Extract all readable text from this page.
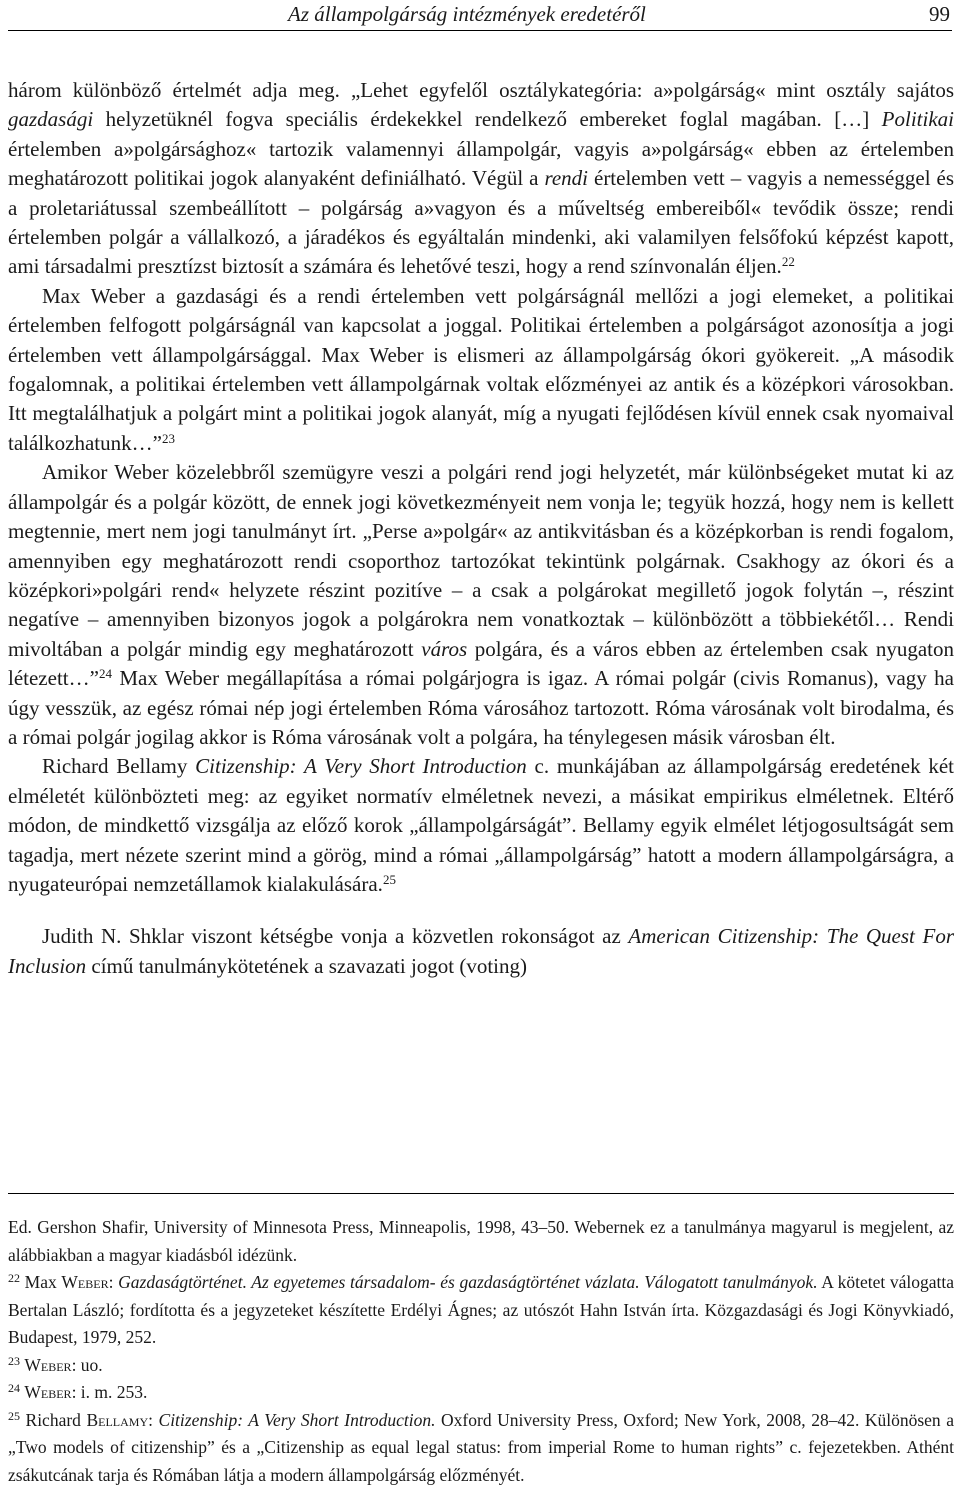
Az állampolgárság intézmények eredetéről	99

három különböző értelmét adja meg. „Lehet egyfelől osztálykategória: a»polgárság« mint osztály sajátos gazdasági helyzetüknél fogva speciális érdekekkel rendelkező embereket foglal magában. […] Politikai értelemben a»polgársághoz« tartozik valamennyi állampolgár, vagyis a»polgárság« ebben az értelemben meghatározott politikai jogok alanyaként definiálható. Végül a rendi értelemben vett – vagyis a nemességgel és a proletariátussal szembeállított – polgárság a»vagyon és a műveltség embereiből« tevődik össze; rendi értelemben polgár a vállalkozó, a járadékos és egyáltalán mindenki, aki valamilyen felsőfokú képzést kapott, ami társadalmi presztízst biztosít a számára és lehetővé teszi, hogy a rend színvonalán éljen.$^{22}$

Max Weber a gazdasági és a rendi értelemben vett polgárságnál mellőzi a jogi elemeket, a politikai értelemben felfogott polgárságnál van kapcsolat a joggal. Politikai értelemben a polgárságot azonosítja a jogi értelemben vett állampolgársággal. Max Weber is elismeri az állampolgárság ókori gyökereit. „A második fogalomnak, a politikai értelemben vett állampolgárnak voltak előzményei az antik és a középkori városokban. Itt megtalálhatjuk a polgárt mint a politikai jogok alanyát, míg a nyugati fejlődésen kívül ennek csak nyomaival találkozhatunk…”$^{23}$

Amikor Weber közelebbről szemügyre veszi a polgári rend jogi helyzetét, már különbségeket mutat ki az állampolgár és a polgár között, de ennek jogi következményeit nem vonja le; tegyük hozzá, hogy nem is kellett megtennie, mert nem jogi tanulmányt írt. „Perse a»polgár« az antikvitásban és a középkorban is rendi fogalom, amennyiben egy meghatározott rendi csoporthoz tartozókat tekintünk polgárnak. Csakhogy az ókori és a középkori»polgári rend« helyzete részint pozitíve – a csak a polgárokat megillető jogok folytán –, részint negatíve – amennyiben bizonyos jogok a polgárokra nem vonatkoztak – különbözött a többiekétől… Rendi mivoltában a polgár mindig egy meghatározott város polgára, és a város ebben az értelemben csak nyugaton létezett…”$^{24}$ Max Weber megállapítása a római polgárjogra is igaz. A római polgár (civis Romanus), vagy ha úgy vesszük, az egész római nép jogi értelemben Róma városához tartozott. Róma városának volt birodalma, és a római polgár jogilag akkor is Róma városának volt a polgára, ha ténylegesen másik városban élt.

Richard Bellamy Citizenship: A Very Short Introduction c. munkájában az állampolgárság eredetének két elméletét különbözteti meg: az egyiket normatív elméletnek nevezi, a másikat empirikus elméletnek. Eltérő módon, de mindkettő vizsgálja az előző korok „állampolgárságát”. Bellamy egyik elmélet létjogosultságát sem tagadja, mert nézete szerint mind a görög, mind a római „állampolgárság” hatott a modern állampolgárságra, a nyugateurópai nemzetállamok kialakulására.$^{25}$

Judith N. Shklar viszont kétségbe vonja a közvetlen rokonságot az American Citizenship: The Quest For Inclusion című tanulmánykötetének a szavazati jogot (voting)

Ed. Gershon Shafir, University of Minnesota Press, Minneapolis, 1998, 43–50. Webernek ez a tanulmánya magyarul is megjelent, az alábbiakban a magyar kiadásból idézünk.

$^{22}$ Max Weber: Gazdaságtörténet. Az egyetemes társadalom- és gazdaságtörténet vázlata. Válogatott tanulmányok. A kötetet válogatta Bertalan László; fordította és a jegyzeteket készítette Erdélyi Ágnes; az utószót Hahn István írta. Közgazdasági és Jogi Könyvkiadó, Budapest, 1979, 252.

$^{23}$ Weber: uo.

$^{24}$ Weber: i. m. 253.

$^{25}$ Richard Bellamy: Citizenship: A Very Short Introduction. Oxford University Press, Oxford; New York, 2008, 28–42. Különösen a „Two models of citizenship” és a „Citizenship as equal legal status: from imperial Rome to human rights” c. fejezetekben. Athént zsákutcának tarja és Rómában látja a modern állampolgárság előzményét.
